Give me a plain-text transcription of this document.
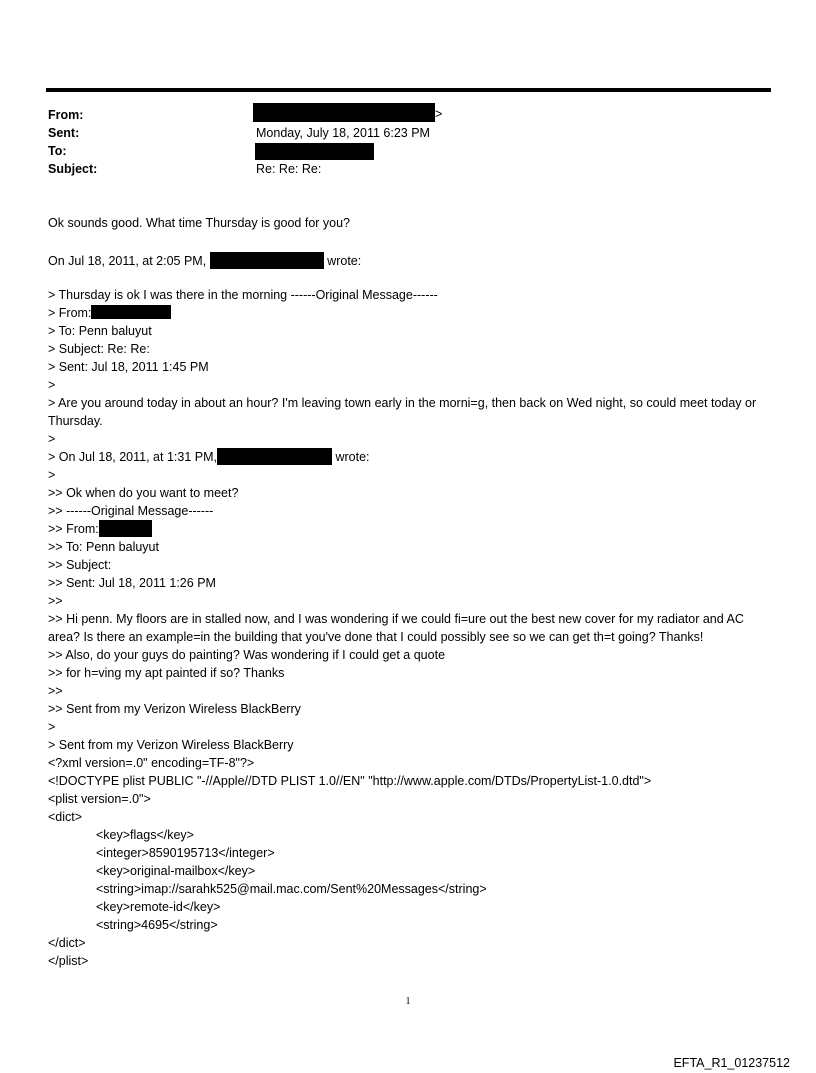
From:	>
Sent:	Monday, July 18, 2011 6:23 PM
To:
Subject:	Re: Re: Re:
Ok sounds good. What time Thursday is good for you?
On Jul 18, 2011, at 2:05 PM,	wrote:
> Thursday is ok I was there in the morning ------Original Message------
> From:
> To: Penn baluyut
> Subject: Re: Re:
> Sent: Jul 18, 2011 1:45 PM
>
> Are you around today in about an hour? I'm leaving town early in the morni=g, then back on Wed night, so could meet today or Thursday.
>
> On Jul 18, 2011, at 1:31 PM,	wrote:
>
>> Ok when do you want to meet?
>> ------Original Message------
>> From:
>> To: Penn baluyut
>> Subject:
>> Sent: Jul 18, 2011 1:26 PM
>>
>> Hi penn. My floors are in stalled now, and I was wondering if we could fi=ure out the best new cover for my radiator and AC area? Is there an example=in the building that you've done that I could possibly see so we can get th=t going? Thanks!
>> Also, do your guys do painting? Was wondering if I could get a quote
>> for h=ving my apt painted if so? Thanks
>>
>> Sent from my Verizon Wireless BlackBerry
>
> Sent from my Verizon Wireless BlackBerry
<?xml version=.0" encoding=TF-8"?>
<!DOCTYPE plist PUBLIC "-//Apple//DTD PLIST 1.0//EN" "http://www.apple.com/DTDs/PropertyList-1.0.dtd">
<plist version=.0">
<dict>
<key>flags</key>
<integer>8590195713</integer>
<key>original-mailbox</key>
<string>imap://sarahk525@mail.mac.com/Sent%20Messages</string>
<key>remote-id</key>
<string>4695</string>
</dict>
</plist>
1
EFTA_R1_01237512
